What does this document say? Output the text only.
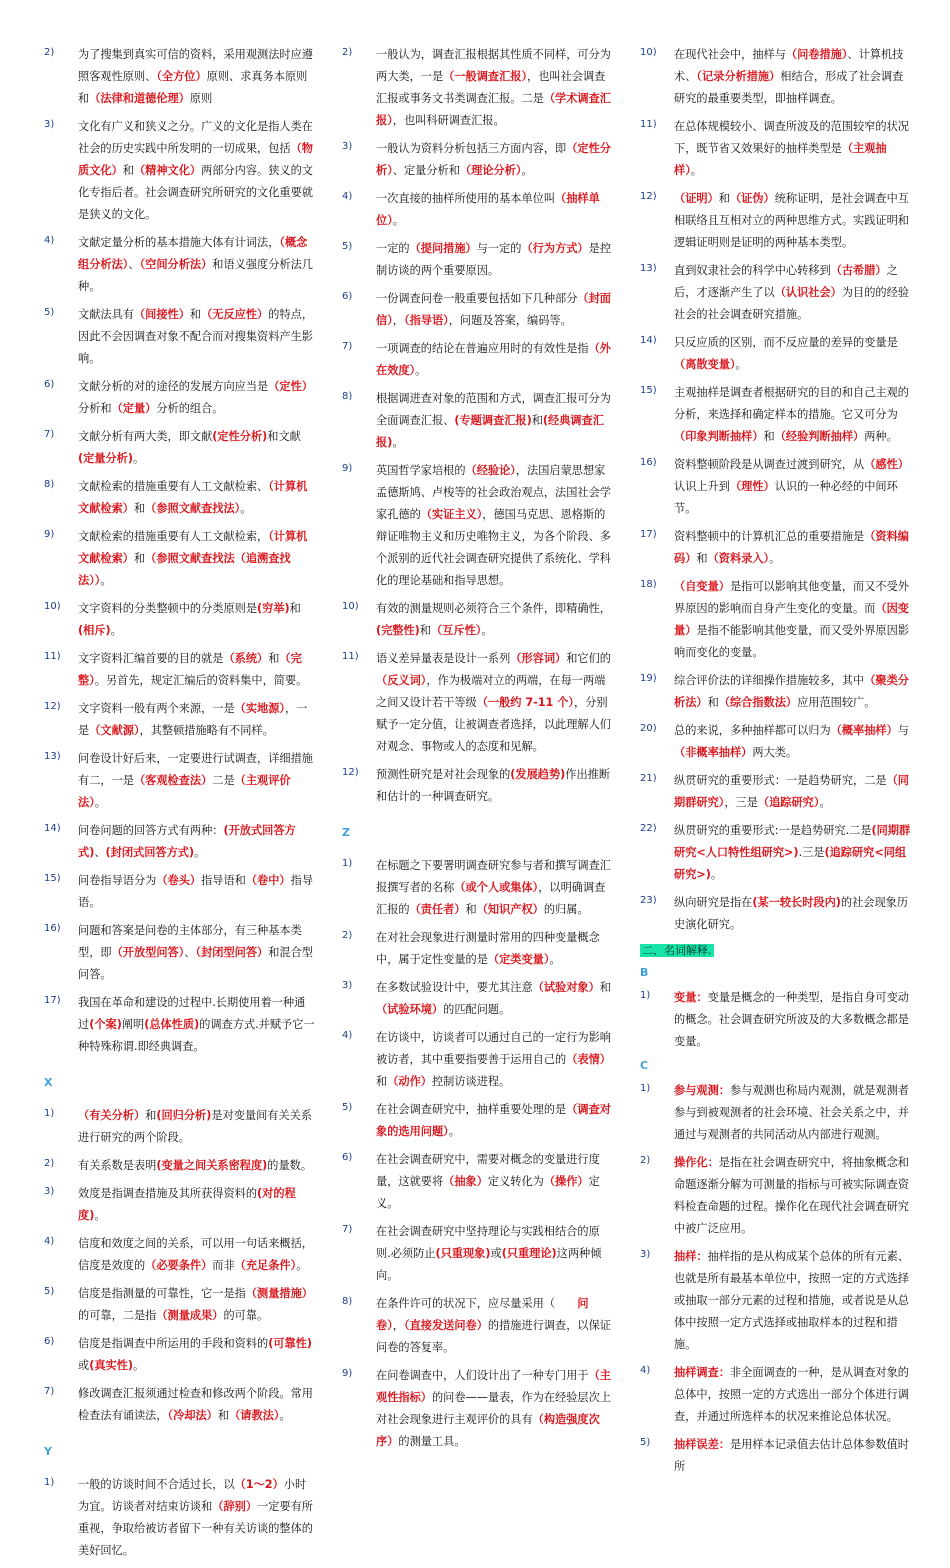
2)	为了搜集到真实可信的资料，采用观测法时应遵照客观性原则、（全方位）原则、求真务本原则和（法律和道德伦理）原则
3)	文化有广义和狭义之分。广义的文化是指人类在社会的历史实践中所发明的一切成果，包括（物质文化）和（精神文化）两部分内容。狭义的文化专指后者。社会调查研究所研究的文化重要就是狭义的文化。
4)	文献定量分析的基本措施大体有计词法，（概念组分析法）、（空间分析法）和语义强度分析法几种。
5)	文献法具有（间接性）和（无反应性）的特点，因此不会因调查对象不配合而对搜集资料产生影响。
6)	文献分析的对的途径的发展方向应当是（定性）分析和（定量）分析的组合。
7)	文献分析有两大类，即文献(定性分析)和文献(定量分析)。
8)	文献检索的措施重要有人工文献检索、（计算机文献检索）和（参照文献查找法）。
9)	文献检索的措施重要有人工文献检索，（计算机文献检索）和（参照文献查找法（追溯查找法））。
10)	文字资料的分类整顿中的分类原则是(穷举)和(相斥)。
11)	文字资料汇编首要的目的就是（系统）和（完整）。另首先，规定汇编后的资料集中，简要。
12)	文字资料一般有两个来源，一是（实地源），一是（文献源），其整顿措施略有不同样。
13)	问卷设计好后来，一定要进行试调查，详细措施有二，一是（客观检查法）二是（主观评价法）。
14)	问卷问题的回答方式有两种：(开放式回答方式)、(封闭式回答方式)。
15)	问卷指导语分为（卷头）指导语和（卷中）指导语。
16)	问题和答案是问卷的主体部分，有三种基本类型，即（开放型问答）、（封闭型问答）和混合型问答。
17)	我国在革命和建设的过程中.长期使用着一种通过(个案)阐明(总体性质)的调查方式.并赋予它一种特殊称谓.即经典调查。
X
1)	（有关分析）和(回归分析)是对变量间有关关系进行研究的两个阶段。
2)	有关系数是表明(变量之间关系密程度)的量数。
3)	效度是指调查措施及其所获得资料的(对的程度)。
4)	信度和效度之间的关系，可以用一句话来概括，信度是效度的（必要条件）而非（充足条件）。
5)	信度是指测量的可靠性，它一是指（测量措施）的可靠，二是指（测量成果）的可靠。
6)	信度是指调查中所运用的手段和资料的(可靠性)或(真实性)。
7)	修改调查汇报须通过检查和修改两个阶段。常用检查法有诵读法，（冷却法）和（请教法）。
Y
1)	一般的访谈时间不合适过长，以（1～2）小时为宜。访谈者对结束访谈和（辞别）一定要有所重视，争取给被访者留下一种有关访谈的整体的美好回忆。
2)	一般认为，调查汇报根据其性质不同样，可分为两大类，一是（一般调查汇报），也叫社会调查汇报或事务文书类调查汇报。二是（学术调查汇报），也叫科研调查汇报。
3)	一般认为资料分析包括三方面内容，即（定性分析）、定量分析和（理论分析）。
4)	一次直接的抽样所使用的基本单位叫（抽样单位）。
5)	一定的（提问措施）与一定的（行为方式）是控制访谈的两个重要原因。
6)	一份调查问卷一般重要包括如下几种部分（封面信），（指导语），问题及答案，编码等。
7)	一项调查的结论在普遍应用时的有效性是指（外在效度）。
8)	根据调进查对象的范围和方式，调查汇报可分为全面调查汇报、(专题调查汇报)和(经典调查汇报)。
9)	英国哲学家培根的（经验论），法国启蒙思想家孟德斯鸠、卢梭等的社会政治观点，法国社会学家孔德的（实证主义），德国马克思、恩格斯的辩证唯物主义和历史唯物主义，为各个阶段、多个派别的近代社会调查研究提供了系统化、学科化的理论基础和指导思想。
10)	有效的测量规则必须符合三个条件，即精确性，(完整性)和（互斥性）。
11)	语义差异量表是设计一系列（形容词）和它们的（反义词），作为极端对立的两端，在每一两端之间又设计若干等级（一般约 7-11 个），分别赋予一定分值，让被调查者选择，以此理解人们对观念、事物或人的态度和见解。
12)	预测性研究是对社会现象的(发展趋势)作出推断和估计的一种调查研究。
Z
1)	在标题之下要署明调查研究参与者和撰写调查汇报撰写者的名称（或个人或集体），以明确调查汇报的（责任者）和（知识产权）的归属。
2)	在对社会现象进行测量时常用的四种变量概念中，属于定性变量的是（定类变量）。
3)	在多数试验设计中，要尤其注意（试验对象）和（试验环境）的匹配问题。
4)	在访谈中，访谈者可以通过自己的一定行为影响被访者，其中重要指要善于运用自己的（表情）和（动作）控制访谈进程。
5)	在社会调查研究中，抽样重要处理的是（调查对象的选用问题）。
6)	在社会调查研究中，需要对概念的变量进行度量，这就要将（抽象）定义转化为（操作）定义。
7)	在社会调查研究中坚持理论与实践相结合的原则.必须防止(只重现象)或(只重理论)这两种倾向。
8)	在条件许可的状况下，应尽量采用（　　问卷），（直接发送问卷）的措施进行调查，以保证问卷的答复率。
9)	在问卷调查中，人们设计出了一种专门用于（主观性指标）的问卷——量表，作为在经验层次上对社会现象进行主观评价的具有（构造强度次序）的测量工具。
10)	在现代社会中，抽样与（问卷措施）、计算机技术、（记录分析措施）相结合，形成了社会调查研究的最重要类型，即抽样调查。
11)	在总体规模较小、调查所波及的范围较窄的状况下，既节省又效果好的抽样类型是（主观抽样）。
12)	（证明）和（证伪）统称证明，是社会调查中互相联络且互相对立的两种思维方式。实践证明和逻辑证明则是证明的两种基本类型。
13)	直到奴隶社会的科学中心转移到（古希腊）之后，才逐渐产生了以（认识社会）为目的的经验社会的社会调查研究措施。
14)	只反应质的区别，而不反应量的差异的变量是（离散变量）。
15)	主观抽样是调查者根据研究的目的和自己主观的分析，来选择和确定样本的措施。它又可分为（印象判断抽样）和（经验判断抽样）两种。
16)	资料整顿阶段是从调查过渡到研究，从（感性）认识上升到（理性）认识的一种必经的中间环节。
17)	资料整顿中的计算机汇总的重要措施是（资料编码）和（资料录入）。
18)	（自变量）是指可以影响其他变量，而又不受外界原因的影响而自身产生变化的变量。而（因变量）是指不能影响其他变量，而又受外界原因影响而变化的变量。
19)	综合评价法的详细操作措施较多，其中（聚类分析法）和（综合指数法）应用范围较广。
20)	总的来说，多种抽样都可以归为（概率抽样）与（非概率抽样）两大类。
21)	纵贯研究的重要形式：一是趋势研究，二是（同期群研究），三是（追踪研究）。
22)	纵贯研究的重要形式:一是趋势研究.二是(同期群研究<人口特性组研究>).三是(追踪研究<同组研究>)。
23)	纵向研究是指在(某一较长时段内)的社会现象历史演化研究。
二、名词解释.
B
1)	变量：变量是概念的一种类型，是指自身可变动的概念。社会调查研究所波及的大多数概念都是变量。
C
1)	参与观测：参与观测也称局内观测，就是观测者参与到被观测者的社会环境、社会关系之中，并通过与观测者的共同活动从内部进行观测。
2)	操作化：是指在社会调查研究中，将抽象概念和命题逐渐分解为可测量的指标与可被实际调查资料检查命题的过程。操作化在现代社会调查研究中被广泛应用。
3)	抽样：抽样指的是从构成某个总体的所有元素、也就是所有最基本单位中，按照一定的方式选择或抽取一部分元素的过程和措施，或者说是从总体中按照一定方式选择或抽取样本的过程和措施。
4)	抽样调查：非全面调查的一种，是从调查对象的总体中，按照一定的方式选出一部分个体进行调查，并通过所选样本的状况来推论总体状况。
5)	抽样误差：是用样本记录值去估计总体参数值时所
